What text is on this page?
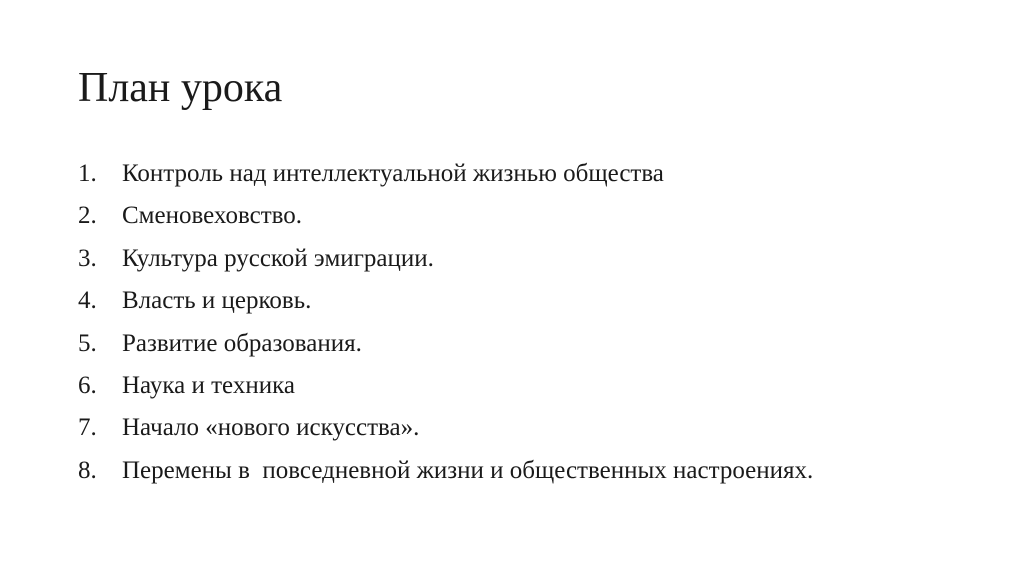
План урока
1.	Контроль над интеллектуальной жизнью общества
2.	Сменовеховство.
3.	Культура русской эмиграции.
4.	Власть и церковь.
5.	Развитие образования.
6.	Наука и техника
7.	Начало «нового искусства».
8.	Перемены в  повседневной жизни и общественных настроениях.
